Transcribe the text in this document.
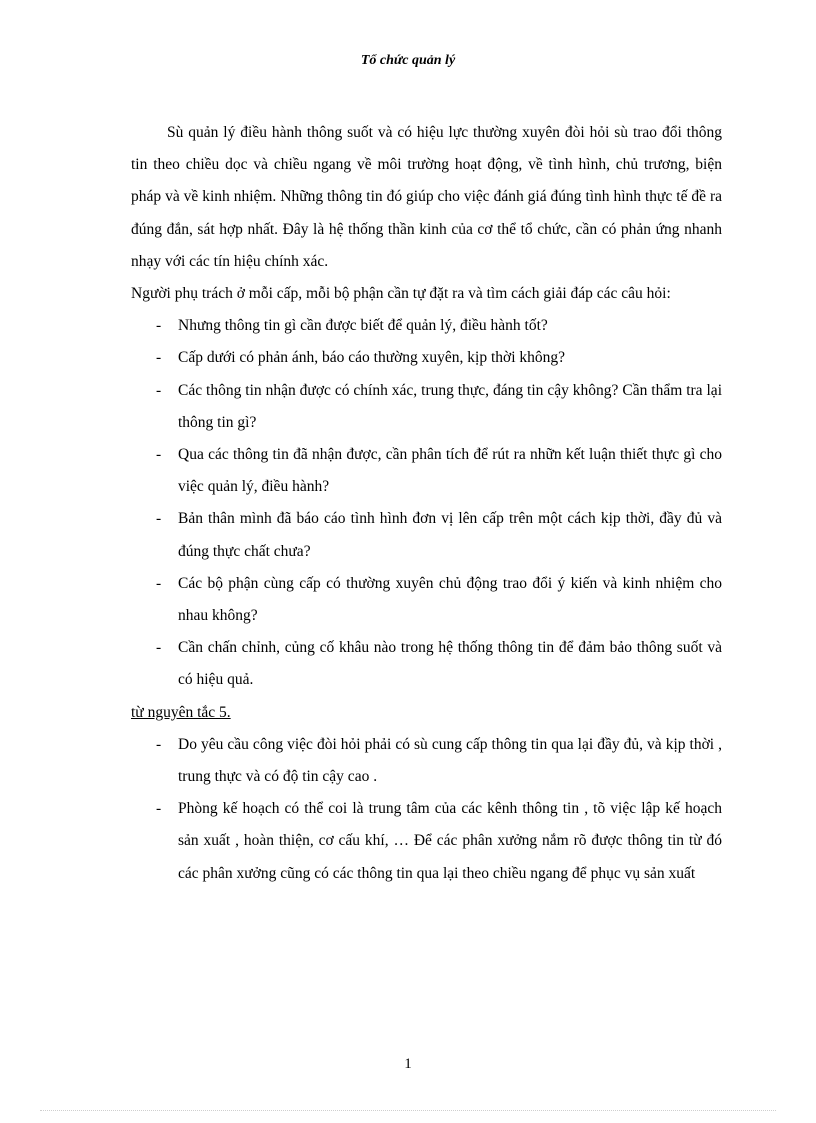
Tổ chức quản lý

Sù quản lý điều hành thông suốt và có hiệu lực thường xuyên đòi hỏi sù trao đổi thông tin theo chiều dọc và chiều ngang về môi trường hoạt động, về tình hình, chủ trương, biện pháp và về kinh nhiệm. Những thông tin đó giúp cho việc đánh giá đúng tình hình thực tế đề ra đúng đắn, sát hợp nhất. Đây là hệ thống thần kinh của cơ thể tổ chức, cần có phản ứng nhanh nhạy với các tín hiệu chính xác.

Người phụ trách ở mỗi cấp, mỗi bộ phận cần tự đặt ra và tìm cách giải đáp các câu hỏi:

- Nhưng thông tin gì cần được biết để quản lý, điều hành tốt?
- Cấp dưới có phản ánh, báo cáo thường xuyên, kịp thời không?
- Các thông tin nhận được có chính xác, trung thực, đáng tin cậy không? Cần thẩm tra lại thông tin gì?
- Qua các thông tin đã nhận được, cần phân tích để rút ra nhữn kết luận thiết thực gì cho việc quản lý, điều hành?
- Bản thân mình đã báo cáo tình hình đơn vị lên cấp trên một cách kịp thời, đầy đủ và đúng thực chất chưa?
- Các bộ phận cùng cấp có thường xuyên chủ động trao đổi ý kiến và kinh nhiệm cho nhau không?
- Cần chấn chỉnh, củng cố khâu nào trong hệ thống thông tin để đảm bảo thông suốt và có hiệu quả.

từ nguyên tắc 5.

- Do yêu cầu công việc đòi hỏi phải có sù cung cấp thông tin qua lại đầy đủ, và kịp thời , trung thực và có độ tin cậy cao .
- Phòng kế hoạch có thể coi là trung tâm của các kênh thông tin , tõ việc lập kế hoạch sản xuất , hoàn thiện, cơ cấu khí, … Để các phân xưởng nắm rõ được thông tin từ đó các phân xưởng cũng có các thông tin qua lại theo chiều ngang để phục vụ sản xuất

1
